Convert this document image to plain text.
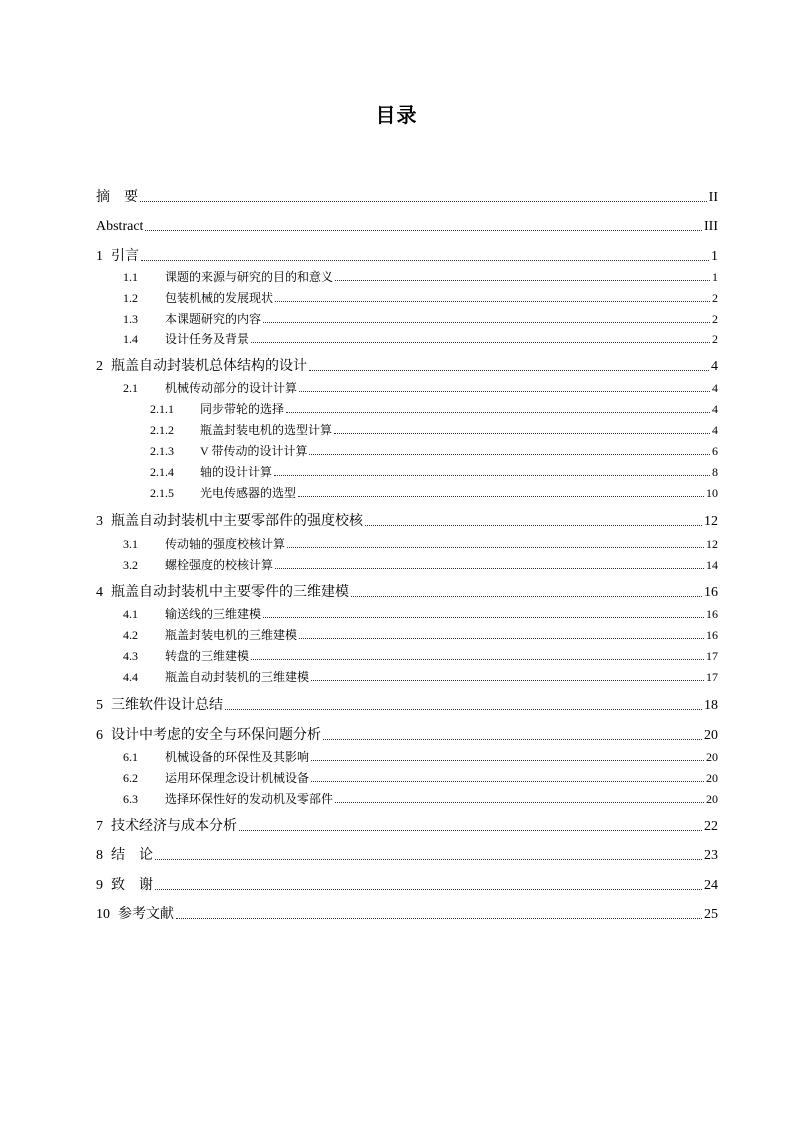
目录
摘　要	II
Abstract	III
1 引言	1
1.1	课题的来源与研究的目的和意义	1
1.2	包装机械的发展现状	2
1.3	本课题研究的内容	2
1.4	设计任务及背景	2
2 瓶盖自动封装机总体结构的设计	4
2.1	机械传动部分的设计计算	4
2.1.1	同步带轮的选择	4
2.1.2	瓶盖封装电机的选型计算	4
2.1.3	V 带传动的设计计算	6
2.1.4	轴的设计计算	8
2.1.5	光电传感器的选型	10
3 瓶盖自动封装机中主要零部件的强度校核	12
3.1	传动轴的强度校核计算	12
3.2	螺栓强度的校核计算	14
4 瓶盖自动封装机中主要零件的三维建模	16
4.1	输送线的三维建模	16
4.2	瓶盖封装电机的三维建模	16
4.3	转盘的三维建模	17
4.4	瓶盖自动封装机的三维建模	17
5 三维软件设计总结	18
6 设计中考虑的安全与环保问题分析	20
6.1	机械设备的环保性及其影响	20
6.2	运用环保理念设计机械设备	20
6.3	选择环保性好的发动机及零部件	20
7 技术经济与成本分析	22
8 结　论	23
9 致　谢	24
10 参考文献	25
